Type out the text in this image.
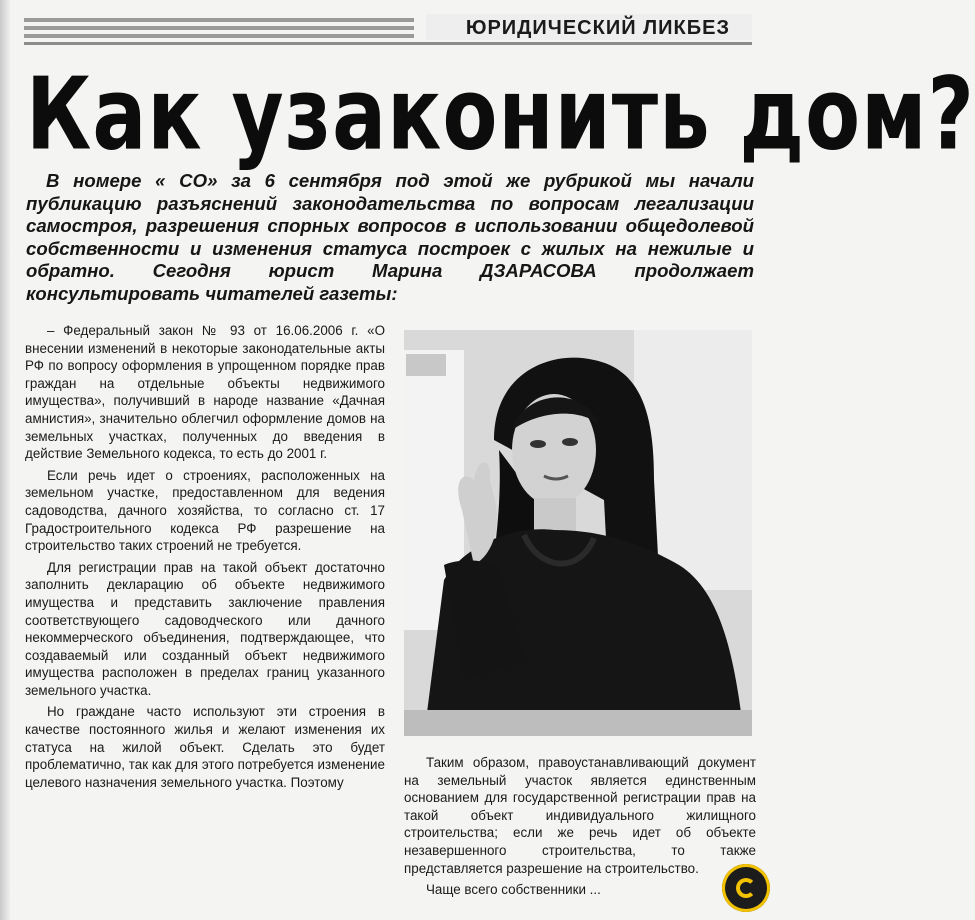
ЮРИДИЧЕСКИЙ ЛИКБЕЗ
Как узаконить дом?

В номере « СО» за 6 сентября под этой же рубрикой мы начали публикацию разъяснений законодательства по вопросам легализации самостроя, разрешения спорных вопросов в использовании общедолевой собственности и изменения статуса построек с жилых на нежилые и обратно. Сегодня юрист Марина ДЗАРАСОВА продолжает консультировать читателей газеты:

– Федеральный закон № 93 от 16.06.2006 г. «О внесении изменений в некоторые законодательные акты РФ по вопросу оформления в упрощенном порядке прав граждан на отдельные объекты недвижимого имущества», получивший в народе название «Дачная амнистия», значительно облегчил оформление домов на земельных участках, полученных до введения в действие Земельного кодекса, то есть до 2001 г.

Если речь идет о строениях, расположенных на земельном участке, предоставленном для ведения садоводства, дачного хозяйства, то согласно ст. 17 Градостроительного кодекса РФ разрешение на строительство таких строений не требуется.

Для регистрации прав на такой объект достаточно заполнить декларацию об объекте недвижимого имущества и представить заключение правления соответствующего садоводческого или дачного некоммерческого объединения, подтверждающее, что создаваемый или созданный объект недвижимого имущества расположен в пределах границ указанного земельного участка.

Но граждане часто используют эти строения в качестве постоянного жилья и желают изменения их статуса на жилой объект. Сделать это будет проблематично, так как для этого потребуется изменение целевого назначения земельного участка. Поэтому

Таким образом, правоустанавливающий документ на земельный участок является единственным основанием для государственной регистрации прав на такой объект индивидуального жилищного строительства; если же речь идет об объекте незавершенного строительства, то также представляется разрешение на строительство.

Чаще всего собственники ...
